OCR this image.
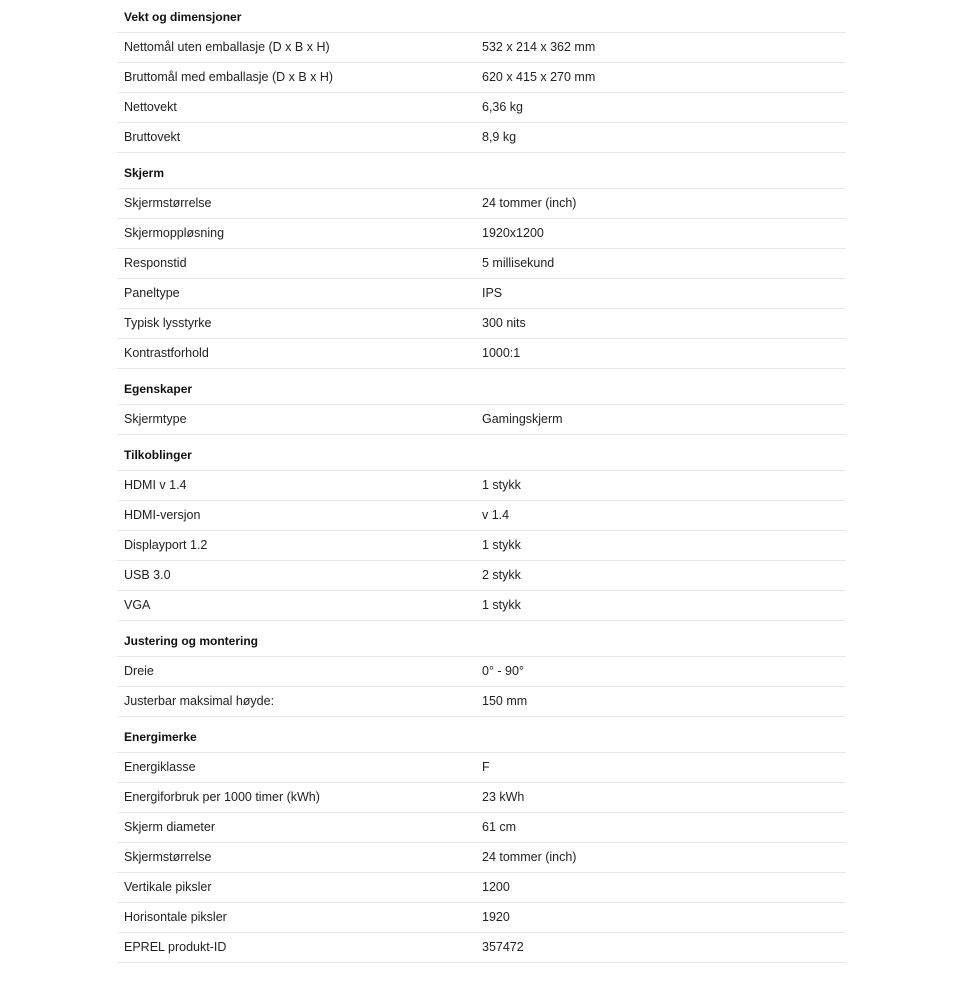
Vekt og dimensjoner
Nettomål uten emballasje (D x B x H)	532 x 214 x 362 mm
Bruttomål med emballasje (D x B x H)	620 x 415 x 270 mm
Nettovekt	6,36 kg
Bruttovekt	8,9 kg
Skjerm
Skjermstørrelse	24 tommer (inch)
Skjermoppløsning	1920x1200
Responstid	5 millisekund
Paneltype	IPS
Typisk lysstyrke	300 nits
Kontrastforhold	1000:1
Egenskaper
Skjermtype	Gamingskjerm
Tilkoblinger
HDMI v 1.4	1 stykk
HDMI-versjon	v 1.4
Displayport 1.2	1 stykk
USB 3.0	2 stykk
VGA	1 stykk
Justering og montering
Dreie	0° - 90°
Justerbar maksimal høyde:	150 mm
Energimerke
Energiklasse	F
Energiforbruk per 1000 timer (kWh)	23 kWh
Skjerm diameter	61 cm
Skjermstørrelse	24 tommer (inch)
Vertikale piksler	1200
Horisontale piksler	1920
EPREL produkt-ID	357472
